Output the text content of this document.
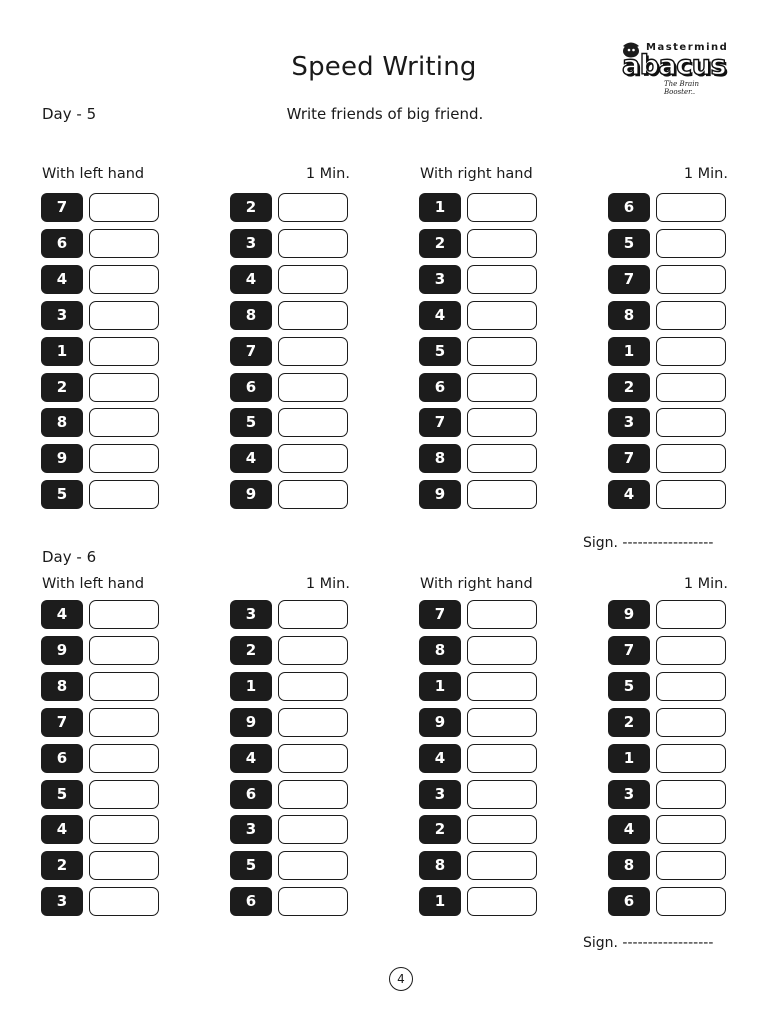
Speed Writing
Mastermind
abacus
The Brain Booster..
Day - 5	Write friends of big friend.
With left hand
7
6
4
3
1
2
8
9
5
1 Min.
2
3
4
8
7
6
5
4
9
With right hand
1
2
3
4
5
6
7
8
9
1 Min.
6
5
7
8
1
2
3
7
4
Sign. ------------------
Day - 6
With left hand
4
9
8
7
6
5
4
2
3
1 Min.
3
2
1
9
4
6
3
5
6
With right hand
7
8
1
9
4
3
2
8
1
1 Min.
9
7
5
2
1
3
4
8
6
Sign. ------------------
4
